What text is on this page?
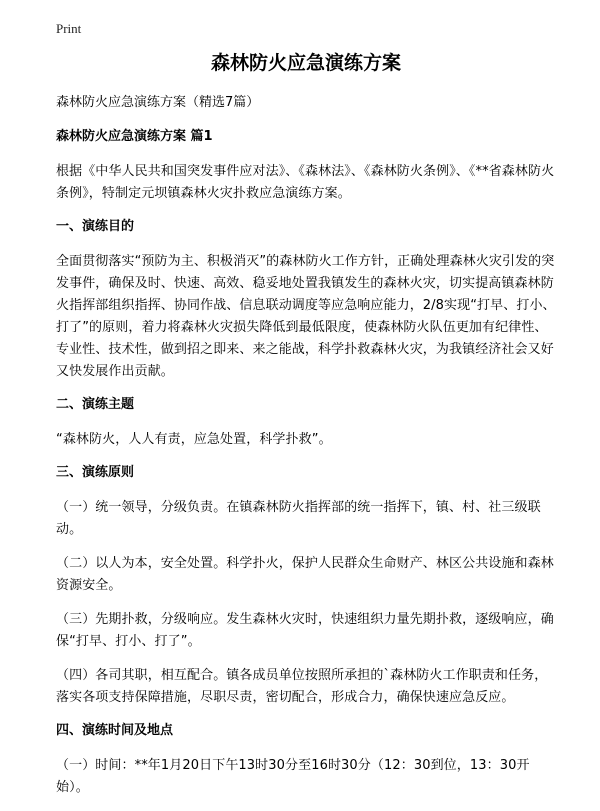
Print
森林防火应急演练方案
森林防火应急演练方案（精选7篇）
森林防火应急演练方案 篇1
根据《中华人民共和国突发事件应对法》、《森林法》、《森林防火条例》、《**省森林防火条例》，特制定元坝镇森林火灾扑救应急演练方案。
一、演练目的
全面贯彻落实“预防为主、积极消灭”的森林防火工作方针，正确处理森林火灾引发的突发事件，确保及时、快速、高效、稳妥地处置我镇发生的森林火灾，切实提高镇森林防火指挥部组织指挥、协同作战、信息联动调度等应急响应能力，2/8实现“打早、打小、打了”的原则，着力将森林火灾损失降低到最低限度，使森林防火队伍更加有纪律性、专业性、技术性，做到招之即来、来之能战，科学扑救森林火灾，为我镇经济社会又好又快发展作出贡献。
二、演练主题
“森林防火，人人有责，应急处置，科学扑救”。
三、演练原则
（一）统一领导，分级负责。在镇森林防火指挥部的统一指挥下，镇、村、社三级联动。
（二）以人为本，安全处置。科学扑火，保护人民群众生命财产、林区公共设施和森林资源安全。
（三）先期扑救，分级响应。发生森林火灾时，快速组织力量先期扑救，逐级响应，确保“打早、打小、打了”。
（四）各司其职，相互配合。镇各成员单位按照所承担的`森林防火工作职责和任务，落实各项支持保障措施，尽职尽责，密切配合，形成合力，确保快速应急反应。
四、演练时间及地点
（一）时间：**年1月20日下午13时30分至16时30分（12：30到位，13：30开始）。
